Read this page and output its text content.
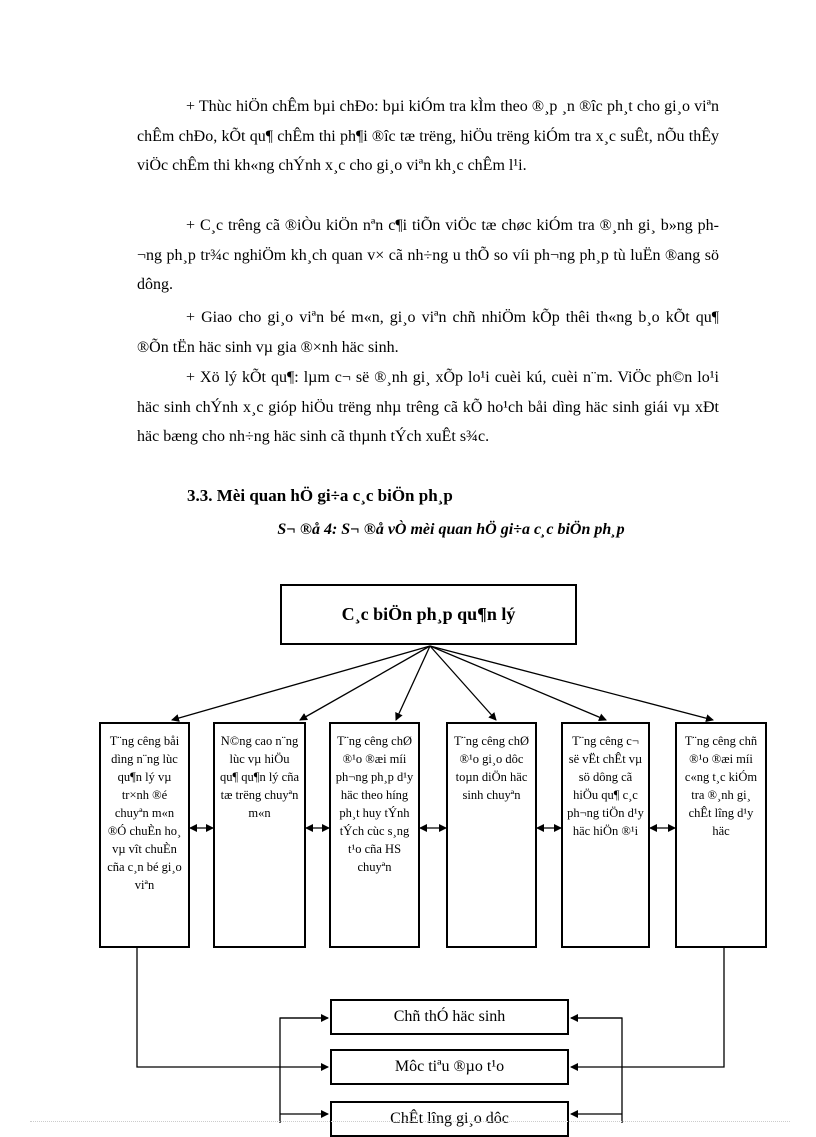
+ Thùc hiÖn chÊm bµi chÐo: bµi kiÓm tra kÌm theo ®¸p ¸n ®îc ph¸t cho gi¸o viªn chÊm chÐo, kÕt qu¶ chÊm thi ph¶i ®îc tæ trëng, hiÖu trëng kiÓm tra x¸c suÊt, nÕu thÊy viÖc chÊm thi kh«ng chÝnh x¸c cho gi¸o viªn kh¸c chÊm l¹i.

+ C¸c trêng cã ®iÒu kiÖn nªn c¶i tiÕn viÖc tæ chøc kiÓm tra ®¸nh gi¸ b»ng ph¬ng ph¸p tr¾c nghiÖm kh¸ch quan v× cã nh÷ng u thÕ so víi ph¬ng ph¸p tù luËn ®ang sö dông.

+ Giao cho gi¸o viªn bé m«n, gi¸o viªn chñ nhiÖm kÕp thêi th«ng b¸o kÕt qu¶ ®Õn tËn häc sinh vµ gia ®×nh häc sinh.

+ Xö lý kÕt qu¶: lµm c¬ së ®¸nh gi¸ xÕp lo¹i cuèi kú, cuèi n¨m. ViÖc ph©n lo¹i häc sinh chÝnh x¸c gióp hiÖu trëng nhµ trêng cã kÕ ho¹ch båi dìng häc sinh giái vµ xÐt häc bæng cho nh÷ng häc sinh cã thµnh tÝch xuÊt s¾c.

3.3. Mèi quan hÖ gi÷a c¸c biÖn ph¸p

S¬ ®å 4: S¬ ®å vÒ mèi quan hÖ gi÷a c¸c biÖn ph¸p

C¸c biÖn ph¸p qu¶n lý
T¨ng cêng båi dìng n¨ng lùc qu¶n lý vµ tr×nh ®é chuyªn m«n ®Ó chuÈn ho¸ vµ vît chuÈn cña c¸n bé gi¸o viªn
N©ng cao n¨ng lùc vµ hiÖu qu¶ qu¶n lý cña tæ trëng chuyªn m«n
T¨ng cêng chØ ®¹o ®æi míi ph¬ng ph¸p d¹y häc theo híng ph¸t huy tÝnh tÝch cùc s¸ng t¹o cña HS chuyªn
T¨ng cêng chØ ®¹o gi¸o dôc toµn diÖn häc sinh chuyªn
T¨ng cêng c¬ së vËt chÊt vµ sö dông cã hiÖu qu¶ c¸c ph¬ng tiÖn d¹y häc hiÖn ®¹i
T¨ng cêng chñ ®¹o ®æi míi c«ng t¸c kiÓm tra ®¸nh gi¸ chÊt lîng d¹y häc
Chñ thÓ häc sinh
Môc tiªu ®µo t¹o
ChÊt lîng gi¸o dôc
